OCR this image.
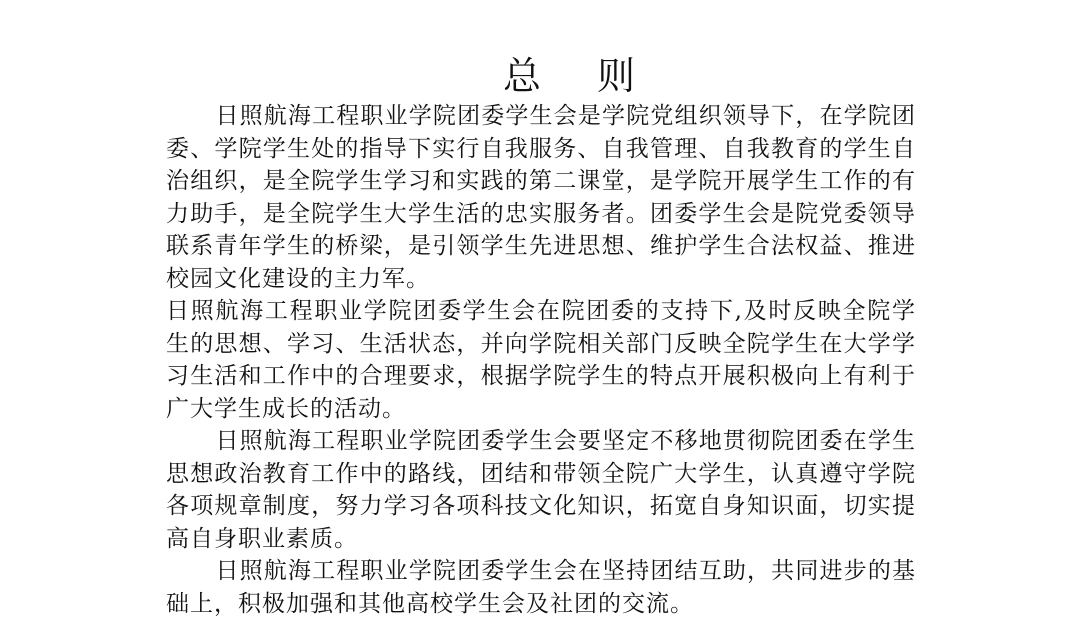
总 则

日照航海工程职业学院团委学生会是学院党组织领导下，在学院团委、学院学生处的指导下实行自我服务、自我管理、自我教育的学生自治组织，是全院学生学习和实践的第二课堂，是学院开展学生工作的有力助手，是全院学生大学生活的忠实服务者。团委学生会是院党委领导联系青年学生的桥梁，是引领学生先进思想、维护学生合法权益、推进校园文化建设的主力军。

日照航海工程职业学院团委学生会在院团委的支持下,及时反映全院学生的思想、学习、生活状态，并向学院相关部门反映全院学生在大学学习生活和工作中的合理要求，根据学院学生的特点开展积极向上有利于广大学生成长的活动。

日照航海工程职业学院团委学生会要坚定不移地贯彻院团委在学生思想政治教育工作中的路线，团结和带领全院广大学生，认真遵守学院各项规章制度，努力学习各项科技文化知识，拓宽自身知识面，切实提高自身职业素质。

日照航海工程职业学院团委学生会在坚持团结互助，共同进步的基础上，积极加强和其他高校学生会及社团的交流。
